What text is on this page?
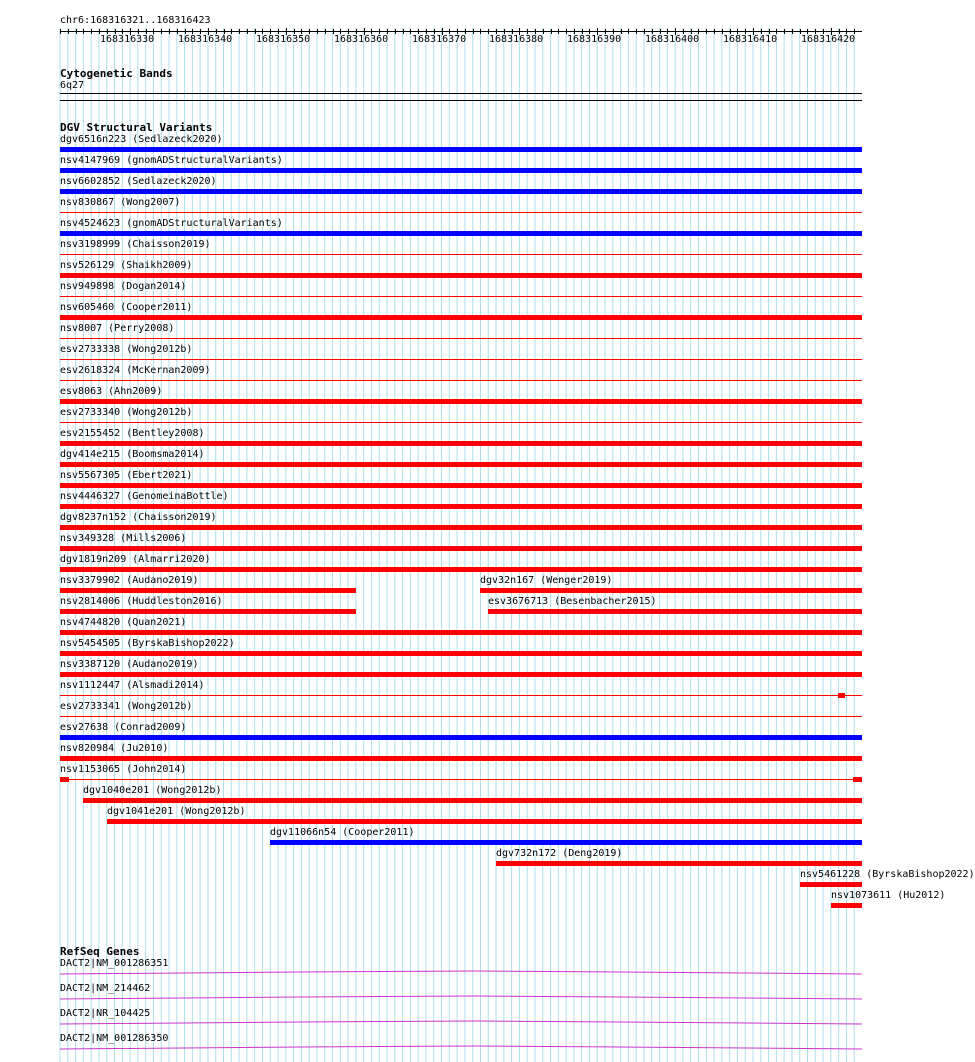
chr6:168316321..168316423
168316330 168316340 168316350 168316360 168316370 168316380 168316390 168316400 168316410 168316420
Cytogenetic Bands
6q27
DGV Structural Variants
dgv6516n223 (Sedlazeck2020)
nsv4147969 (gnomADStructuralVariants)
nsv6602852 (Sedlazeck2020)
nsv830867 (Wong2007)
nsv4524623 (gnomADStructuralVariants)
nsv3198999 (Chaisson2019)
nsv526129 (Shaikh2009)
nsv949898 (Dogan2014)
nsv605460 (Cooper2011)
nsv8007 (Perry2008)
esv2733338 (Wong2012b)
esv2618324 (McKernan2009)
esv8063 (Ahn2009)
esv2733340 (Wong2012b)
esv2155452 (Bentley2008)
dgv414e215 (Boomsma2014)
nsv5567305 (Ebert2021)
nsv4446327 (GenomeinaBottle)
dgv8237n152 (Chaisson2019)
nsv349328 (Mills2006)
dgv1819n209 (Almarri2020)
nsv3379902 (Audano2019)	dgv32n167 (Wenger2019)
nsv2814006 (Huddleston2016)	esv3676713 (Besenbacher2015)
nsv4744820 (Quan2021)
nsv5454505 (ByrskaBishop2022)
nsv3387120 (Audano2019)
nsv1112447 (Alsmadi2014)
esv2733341 (Wong2012b)
esv27638 (Conrad2009)
nsv820984 (Ju2010)
nsv1153065 (John2014)
dgv1040e201 (Wong2012b)
dgv1041e201 (Wong2012b)
dgv11066n54 (Cooper2011)
dgv732n172 (Deng2019)
nsv5461228 (ByrskaBishop2022)
nsv1073611 (Hu2012)
RefSeq Genes
DACT2|NM_001286351
DACT2|NM_214462
DACT2|NR_104425
DACT2|NM_001286350
